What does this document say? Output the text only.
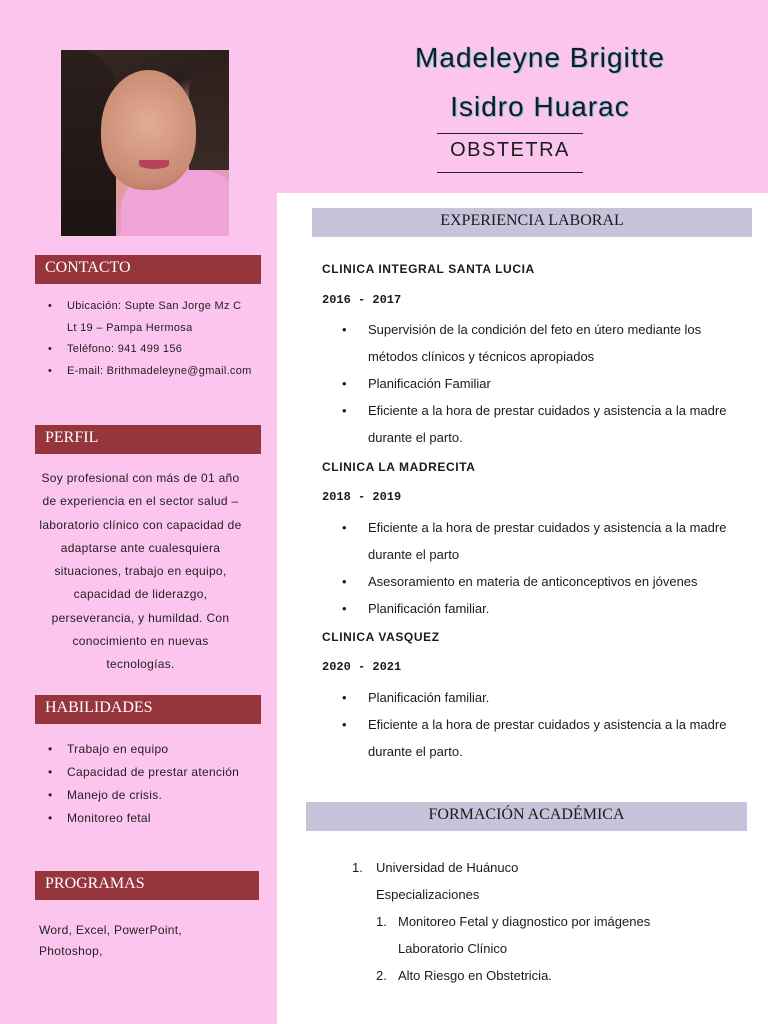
Madeleyne Brigitte
Isidro Huarac
OBSTETRA
CONTACTO
• Ubicación: Supte San Jorge Mz C Lt 19 – Pampa Hermosa
• Teléfono: 941 499 156
• E-mail: Brithmadeleyne@gmail.com
PERFIL
Soy profesional con más de 01 año de experiencia en el sector salud – laboratorio clínico con capacidad de adaptarse ante cualesquiera situaciones, trabajo en equipo, capacidad de liderazgo, perseverancia, y humildad. Con conocimiento en nuevas tecnologías.
HABILIDADES
• Trabajo en equipo
• Capacidad de prestar atención
• Manejo de crisis.
• Monitoreo fetal
PROGRAMAS
Word, Excel, PowerPoint, Photoshop,
EXPERIENCIA LABORAL
CLINICA INTEGRAL SANTA LUCIA
2016 - 2017
• Supervisión de la condición del feto en útero mediante los métodos clínicos y técnicos apropiados
• Planificación Familiar
• Eficiente a la hora de prestar cuidados y asistencia a la madre durante el parto.
CLINICA LA MADRECITA
2018 - 2019
• Eficiente a la hora de prestar cuidados y asistencia a la madre durante el parto
• Asesoramiento en materia de anticonceptivos en jóvenes
• Planificación familiar.
CLINICA VASQUEZ
2020 - 2021
• Planificación familiar.
• Eficiente a la hora de prestar cuidados y asistencia a la madre durante el parto.
FORMACIÓN ACADÉMICA
1. Universidad de Huánuco
Especializaciones
1. Monitoreo Fetal y diagnostico por imágenes
Laboratorio Clínico
2. Alto Riesgo en Obstetricia.
